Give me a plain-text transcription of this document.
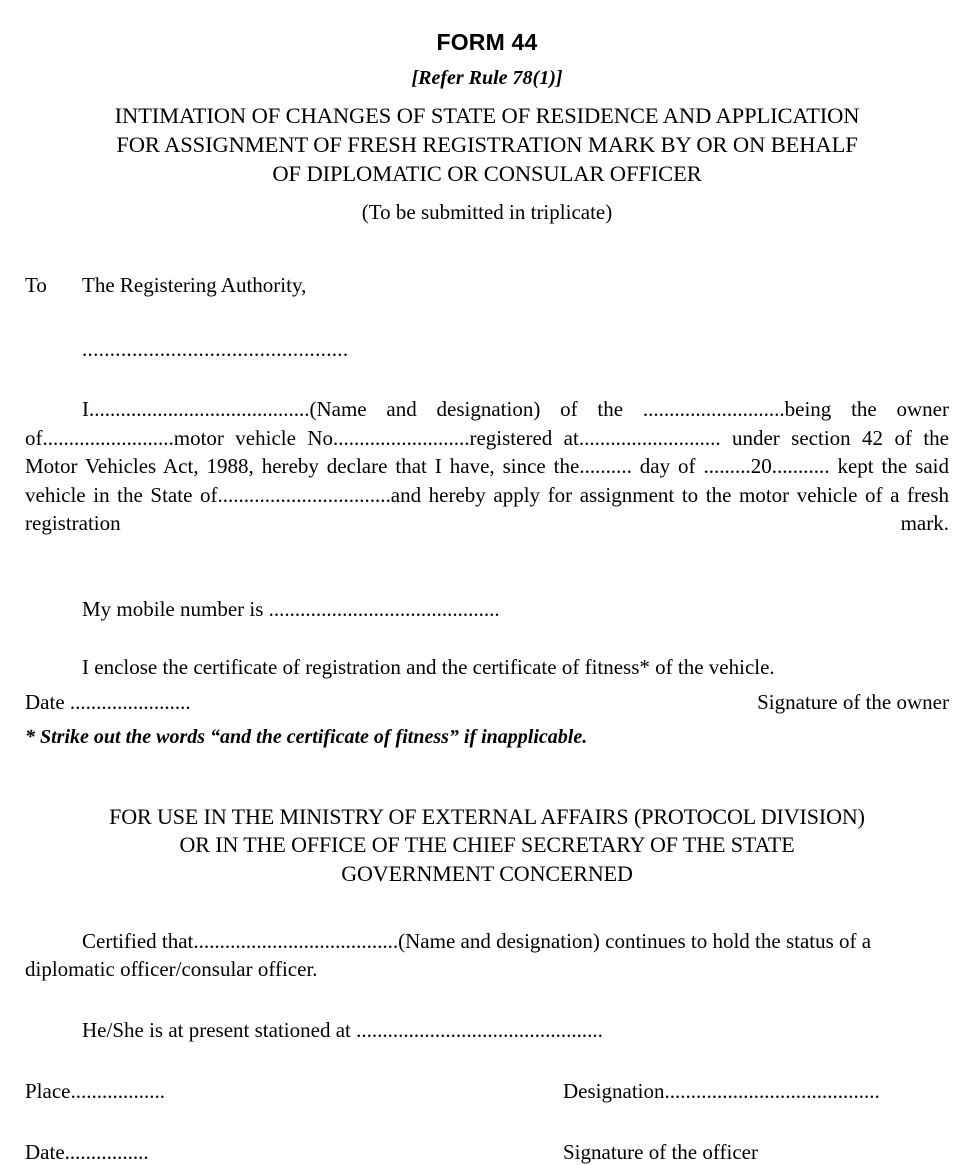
FORM 44
[Refer Rule 78(1)]
INTIMATION OF CHANGES OF STATE OF RESIDENCE AND APPLICATION
FOR ASSIGNMENT OF FRESH REGISTRATION MARK BY OR ON BEHALF
OF DIPLOMATIC OR CONSULAR OFFICER
(To be submitted in triplicate)
To	The Registering Authority,
................................................

I..........................................(Name and designation) of the ...........................being the owner of.........................motor vehicle No..........................registered at........................... under section 42 of the Motor Vehicles Act, 1988, hereby declare that I have, since the.......... day of .........20........... kept the said vehicle in the State of.................................and hereby apply for assignment to the motor vehicle of a fresh registration mark.

My mobile number is ............................................

I enclose the certificate of registration and the certificate of fitness* of the vehicle.

Date .......................	Signature of the owner

* Strike out the words “and the certificate of fitness” if inapplicable.

FOR USE IN THE MINISTRY OF EXTERNAL AFFAIRS (PROTOCOL DIVISION)
OR IN THE OFFICE OF THE CHIEF SECRETARY OF THE STATE
GOVERNMENT CONCERNED

Certified that.......................................(Name and designation) continues to hold the status of a diplomatic officer/consular officer.

He/She is at present stationed at ...............................................

Place..................	Designation.........................................
Date................	Signature of the officer
